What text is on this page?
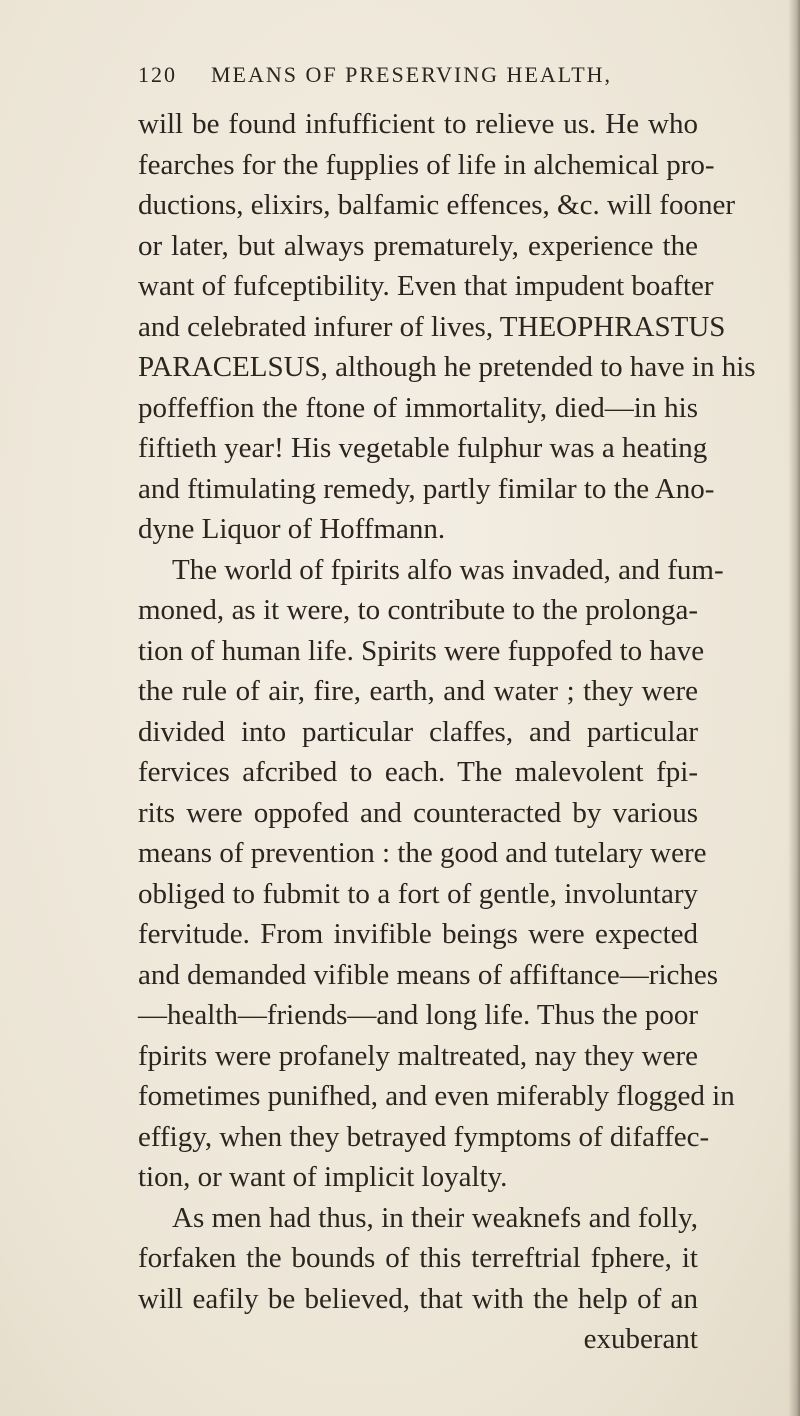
120 MEANS OF PRESERVING HEALTH,
will be found infufficient to relieve us. He who
fearches for the fupplies of life in alchemical pro-
ductions, elixirs, balfamic effences, &c. will fooner
or later, but always prematurely, experience the
want of fufceptibility. Even that impudent boafter
and celebrated infurer of lives, THEOPHRASTUS
PARACELSUS, although he pretended to have in his
poffeffion the ftone of immortality, died—in his
fiftieth year! His vegetable fulphur was a heating
and ftimulating remedy, partly fimilar to the Ano-
dyne Liquor of Hoffmann.
The world of fpirits alfo was invaded, and fum-
moned, as it were, to contribute to the prolonga-
tion of human life. Spirits were fuppofed to have
the rule of air, fire, earth, and water ; they were
divided into particular claffes, and particular
fervices afcribed to each. The malevolent fpi-
rits were oppofed and counteracted by various
means of prevention : the good and tutelary were
obliged to fubmit to a fort of gentle, involuntary
fervitude. From invifible beings were expected
and demanded vifible means of affiftance—riches
—health—friends—and long life. Thus the poor
fpirits were profanely maltreated, nay they were
fometimes punifhed, and even miferably flogged in
effigy, when they betrayed fymptoms of difaffec-
tion, or want of implicit loyalty.
As men had thus, in their weaknefs and folly,
forfaken the bounds of this terreftrial fphere, it
will eafily be believed, that with the help of an
exuberant
